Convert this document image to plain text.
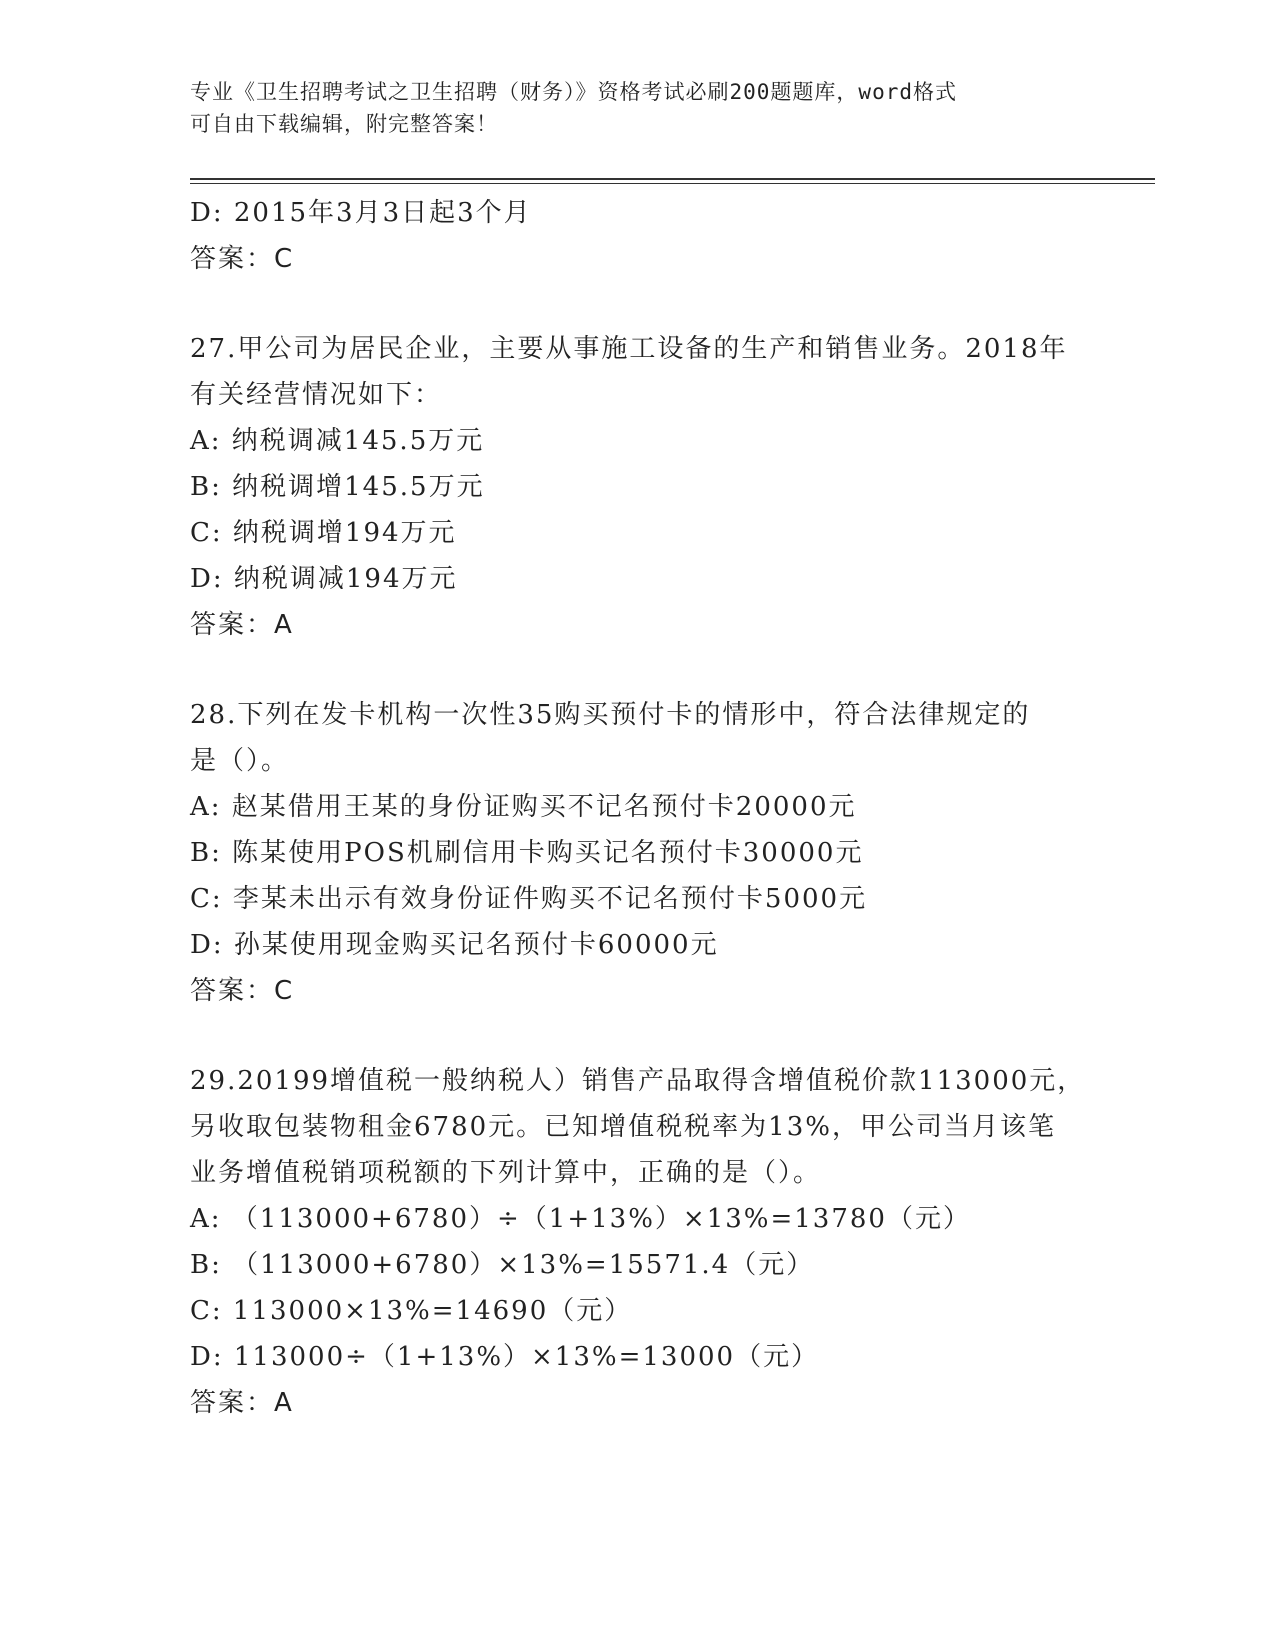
专业《卫生招聘考试之卫生招聘（财务）》资格考试必刷200题题库，word格式
可自由下载编辑，附完整答案！
D: 2015年3月3日起3个月
答案：C
27.甲公司为居民企业，主要从事施工设备的生产和销售业务。2018年
有关经营情况如下：
A: 纳税调减145.5万元
B: 纳税调增145.5万元
C: 纳税调增194万元
D: 纳税调减194万元
答案：A
28.下列在发卡机构一次性35购买预付卡的情形中，符合法律规定的
是（）。
A: 赵某借用王某的身份证购买不记名预付卡20000元
B: 陈某使用POS机刷信用卡购买记名预付卡30000元
C: 李某未出示有效身份证件购买不记名预付卡5000元
D: 孙某使用现金购买记名预付卡60000元
答案：C
29.20199增值税一般纳税人）销售产品取得含增值税价款113000元，
另收取包装物租金6780元。已知增值税税率为13%，甲公司当月该笔
业务增值税销项税额的下列计算中，正确的是（）。
A: （113000+6780）÷（1+13%）×13%=13780（元）
B: （113000+6780）×13%=15571.4（元）
C: 113000×13%=14690（元）
D: 113000÷（1+13%）×13%=13000（元）
答案：A
